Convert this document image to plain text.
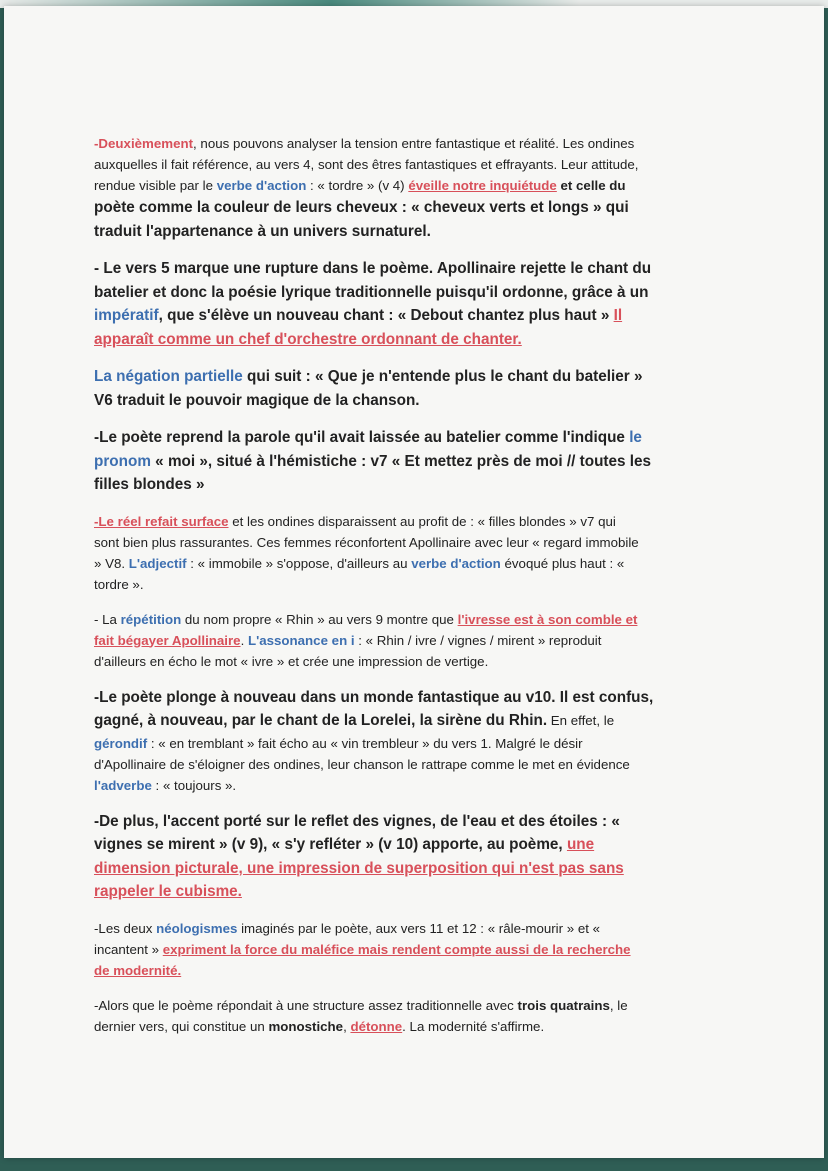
-Deuxièmement, nous pouvons analyser la tension entre fantastique et réalité. Les ondines
auxquelles il fait référence, au vers 4, sont des êtres fantastiques et effrayants. Leur attitude,
rendue visible par le verbe d'action : « tordre » (v 4) éveille notre inquiétude et celle du
poète comme la couleur de leurs cheveux : « cheveux verts et longs » qui
traduit l'appartenance à un univers surnaturel.
- Le vers 5 marque une rupture dans le poème. Apollinaire rejette le chant du
batelier et donc la poésie lyrique traditionnelle puisqu'il ordonne, grâce à un
impératif, que s'élève un nouveau chant : « Debout chantez plus haut » Il
apparaît comme un chef d'orchestre ordonnant de chanter.
La négation partielle qui suit : « Que je n'entende plus le chant du batelier »
V6 traduit le pouvoir magique de la chanson.
-Le poète reprend la parole qu'il avait laissée au batelier comme l'indique le
pronom « moi », situé à l'hémistiche : v7 « Et mettez près de moi // toutes les
filles blondes »
-Le réel refait surface et les ondines disparaissent au profit de : « filles blondes » v7 qui
sont bien plus rassurantes. Ces femmes réconfortent Apollinaire avec leur « regard immobile
» V8. L'adjectif : « immobile » s'oppose, d'ailleurs au verbe d'action évoqué plus haut : «
tordre ».
- La répétition du nom propre « Rhin » au vers 9 montre que l'ivresse est à son comble et
fait bégayer Apollinaire. L'assonance en i : « Rhin / ivre / vignes / mirent » reproduit
d'ailleurs en écho le mot « ivre » et crée une impression de vertige.
-Le poète plonge à nouveau dans un monde fantastique au v10. Il est confus,
gagné, à nouveau, par le chant de la Lorelei, la sirène du Rhin. En effet, le
gérondif : « en tremblant » fait écho au « vin trembleur » du vers 1. Malgré le désir
d'Apollinaire de s'éloigner des ondines, leur chanson le rattrape comme le met en évidence
l'adverbe : « toujours ».
-De plus, l'accent porté sur le reflet des vignes, de l'eau et des étoiles : «
vignes se mirent » (v 9), « s'y refléter » (v 10) apporte, au poème, une
dimension picturale, une impression de superposition qui n'est pas sans
rappeler le cubisme.
-Les deux néologismes imaginés par le poète, aux vers 11 et 12 : « râle-mourir » et «
incantent » expriment la force du maléfice mais rendent compte aussi de la recherche
de modernité.
-Alors que le poème répondait à une structure assez traditionnelle avec trois quatrains, le
dernier vers, qui constitue un monostiche, détonne. La modernité s'affirme.
